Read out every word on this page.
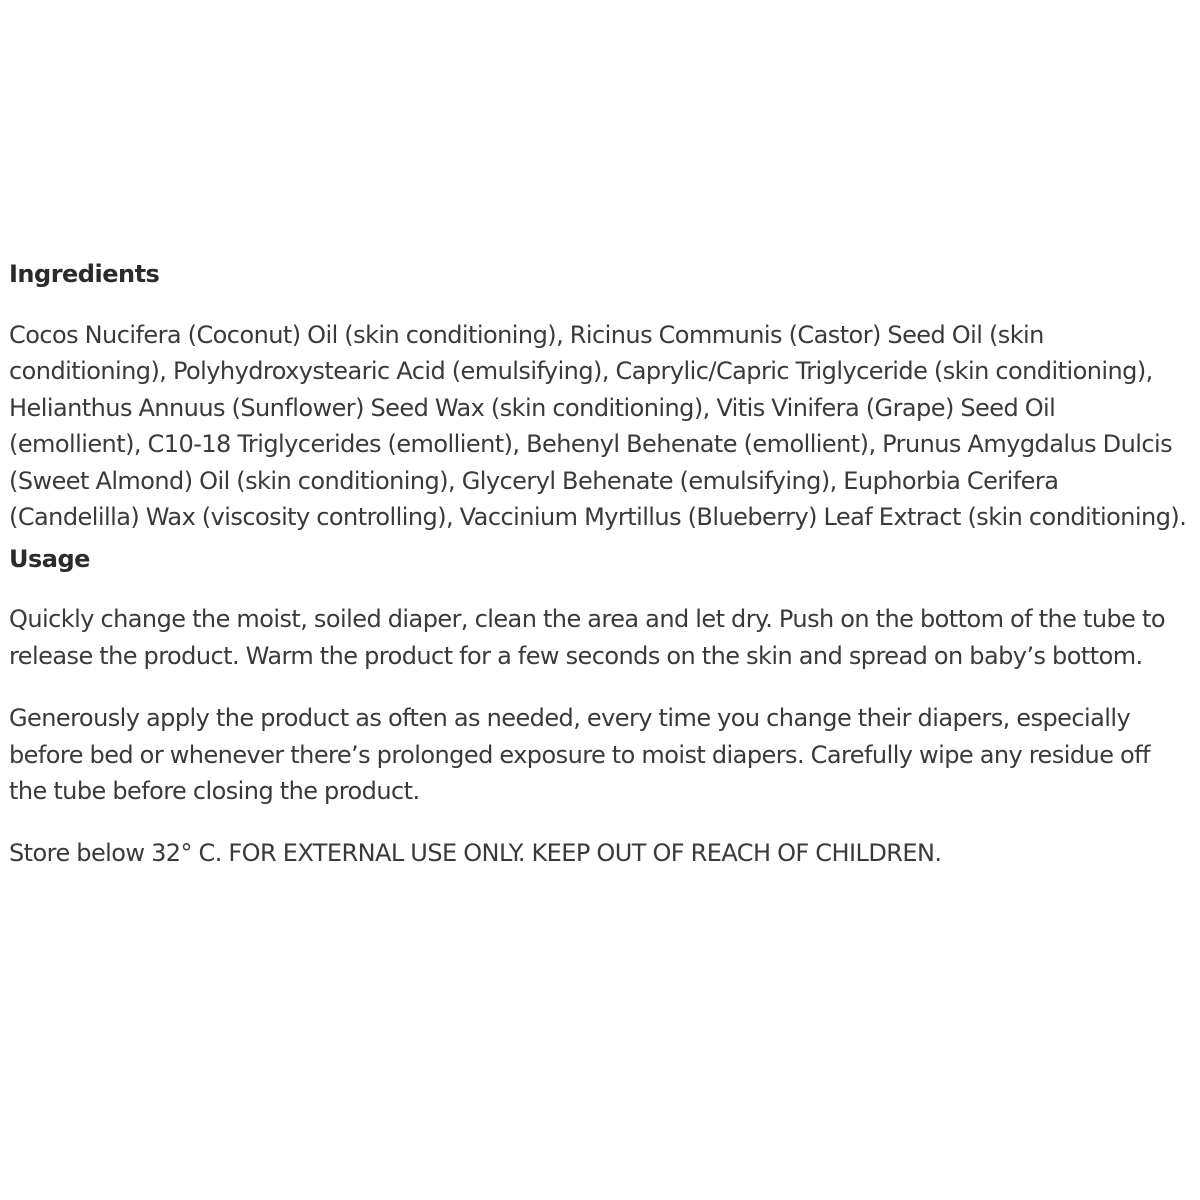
Ingredients

Cocos Nucifera (Coconut) Oil (skin conditioning), Ricinus Communis (Castor) Seed Oil (skin conditioning), Polyhydroxystearic Acid (emulsifying), Caprylic/Capric Triglyceride (skin conditioning), Helianthus Annuus (Sunflower) Seed Wax (skin conditioning), Vitis Vinifera (Grape) Seed Oil (emollient), C10-18 Triglycerides (emollient), Behenyl Behenate (emollient), Prunus Amygdalus Dulcis (Sweet Almond) Oil (skin conditioning), Glyceryl Behenate (emulsifying), Euphorbia Cerifera (Candelilla) Wax (viscosity controlling), Vaccinium Myrtillus (Blueberry) Leaf Extract (skin conditioning).

Usage

Quickly change the moist, soiled diaper, clean the area and let dry. Push on the bottom of the tube to release the product. Warm the product for a few seconds on the skin and spread on baby’s bottom.

Generously apply the product as often as needed, every time you change their diapers, especially before bed or whenever there’s prolonged exposure to moist diapers. Carefully wipe any residue off the tube before closing the product.

Store below 32° C. FOR EXTERNAL USE ONLY. KEEP OUT OF REACH OF CHILDREN.
